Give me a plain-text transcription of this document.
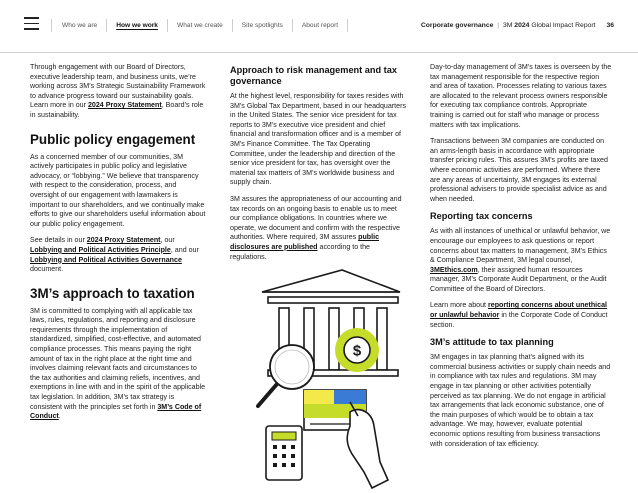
Who we are	How we work	What we create	Site spotlights	About report	Corporate governance | 3M 2024 Global Impact Report 36

Through engagement with our Board of Directors, executive leadership team, and business units, we’re working across 3M’s Strategic Sustainability Framework to advance progress toward our sustainability goals. Learn more in our 2024 Proxy Statement, Board’s role in sustainability.

Public policy engagement

As a concerned member of our communities, 3M actively participates in public policy and legislative advocacy, or “lobbying.” We believe that transparency with respect to the consideration, process, and oversight of our engagement with lawmakers is important to our shareholders, and we continually make efforts to give our shareholders useful information about our public policy engagement.

See details in our 2024 Proxy Statement, our Lobbying and Political Activities Principle, and our Lobbying and Political Activities Governance document.

3M’s approach to taxation

3M is committed to complying with all applicable tax laws, rules, regulations, and reporting and disclosure requirements through the implementation of standardized, simplified, cost-effective, and automated compliance processes. This means paying the right amount of tax in the right place at the right time and involves claiming relevant facts and circumstances to the tax authorities and claiming reliefs, incentives, and exemptions in line with and in the spirit of the applicable tax legislation. In addition, 3M’s tax strategy is consistent with the principles set forth in 3M’s Code of Conduct.

Approach to risk management and tax governance

At the highest level, responsibility for taxes resides with 3M’s Global Tax Department, based in our headquarters in the United States. The senior vice president for tax reports to 3M’s executive vice president and chief financial and transformation officer and is a member of 3M’s Finance Committee. The Tax Operating Committee, under the leadership and direction of the senior vice president for tax, has oversight over the material tax matters of 3M’s worldwide business and supply chain.

3M assures the appropriateness of our accounting and tax records on an ongoing basis to enable us to meet our compliance obligations. In countries where we operate, we document and confirm with the respective authorities. Where required, 3M assures public disclosures are published according to the regulations.

$

Day-to-day management of 3M’s taxes is overseen by the tax management responsible for the respective region and area of taxation. Processes relating to various taxes are allocated to the relevant process owners responsible for executing tax compliance controls. Appropriate training is carried out for staff who manage or process matters with tax implications.

Transactions between 3M companies are conducted on an arms-length basis in accordance with appropriate transfer pricing rules. This assures 3M’s profits are taxed where economic activities are performed. Where there are any areas of uncertainty, 3M engages its external professional advisers to provide specialist advice as and when needed.

Reporting tax concerns

As with all instances of unethical or unlawful behavior, we encourage our employees to ask questions or report concerns about tax matters to management, 3M’s Ethics & Compliance Department, 3M legal counsel, 3MEthics.com, their assigned human resources manager, 3M’s Corporate Audit Department, or the Audit Committee of the Board of Directors.

Learn more about reporting concerns about unethical or unlawful behavior in the Corporate Code of Conduct section.

3M’s attitude to tax planning

3M engages in tax planning that’s aligned with its commercial business activities or supply chain needs and in compliance with tax rules and regulations. 3M may engage in tax planning or other activities potentially perceived as tax planning. We do not engage in artificial tax arrangements that lack economic substance, one of the main purposes of which would be to obtain a tax advantage. We may, however, evaluate potential economic options resulting from business transactions with consideration of tax efficiency.
